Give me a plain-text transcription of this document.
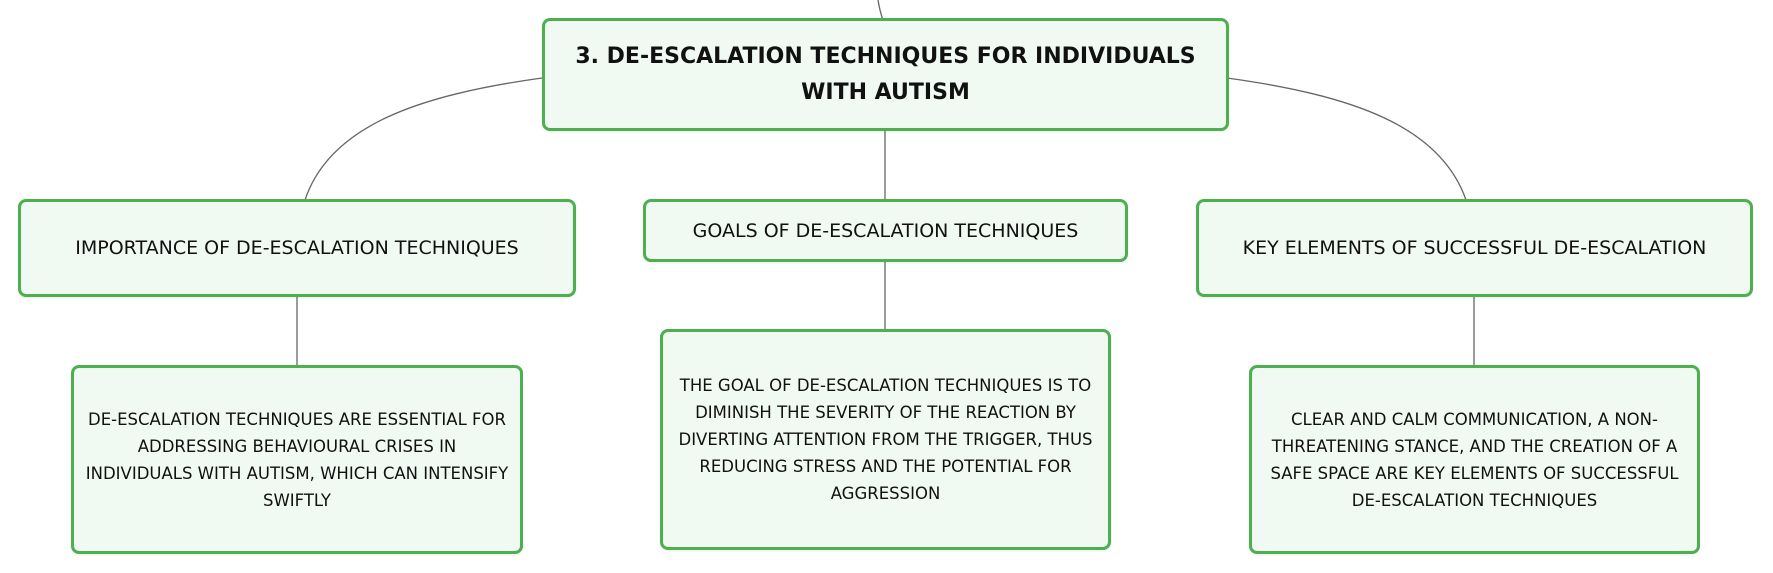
3. DE-ESCALATION TECHNIQUES FOR INDIVIDUALS WITH AUTISM
IMPORTANCE OF DE-ESCALATION TECHNIQUES
GOALS OF DE-ESCALATION TECHNIQUES
KEY ELEMENTS OF SUCCESSFUL DE-ESCALATION
DE-ESCALATION TECHNIQUES ARE ESSENTIAL FOR ADDRESSING BEHAVIOURAL CRISES IN INDIVIDUALS WITH AUTISM, WHICH CAN INTENSIFY SWIFTLY
THE GOAL OF DE-ESCALATION TECHNIQUES IS TO DIMINISH THE SEVERITY OF THE REACTION BY DIVERTING ATTENTION FROM THE TRIGGER, THUS REDUCING STRESS AND THE POTENTIAL FOR AGGRESSION
CLEAR AND CALM COMMUNICATION, A NON-THREATENING STANCE, AND THE CREATION OF A SAFE SPACE ARE KEY ELEMENTS OF SUCCESSFUL DE-ESCALATION TECHNIQUES
